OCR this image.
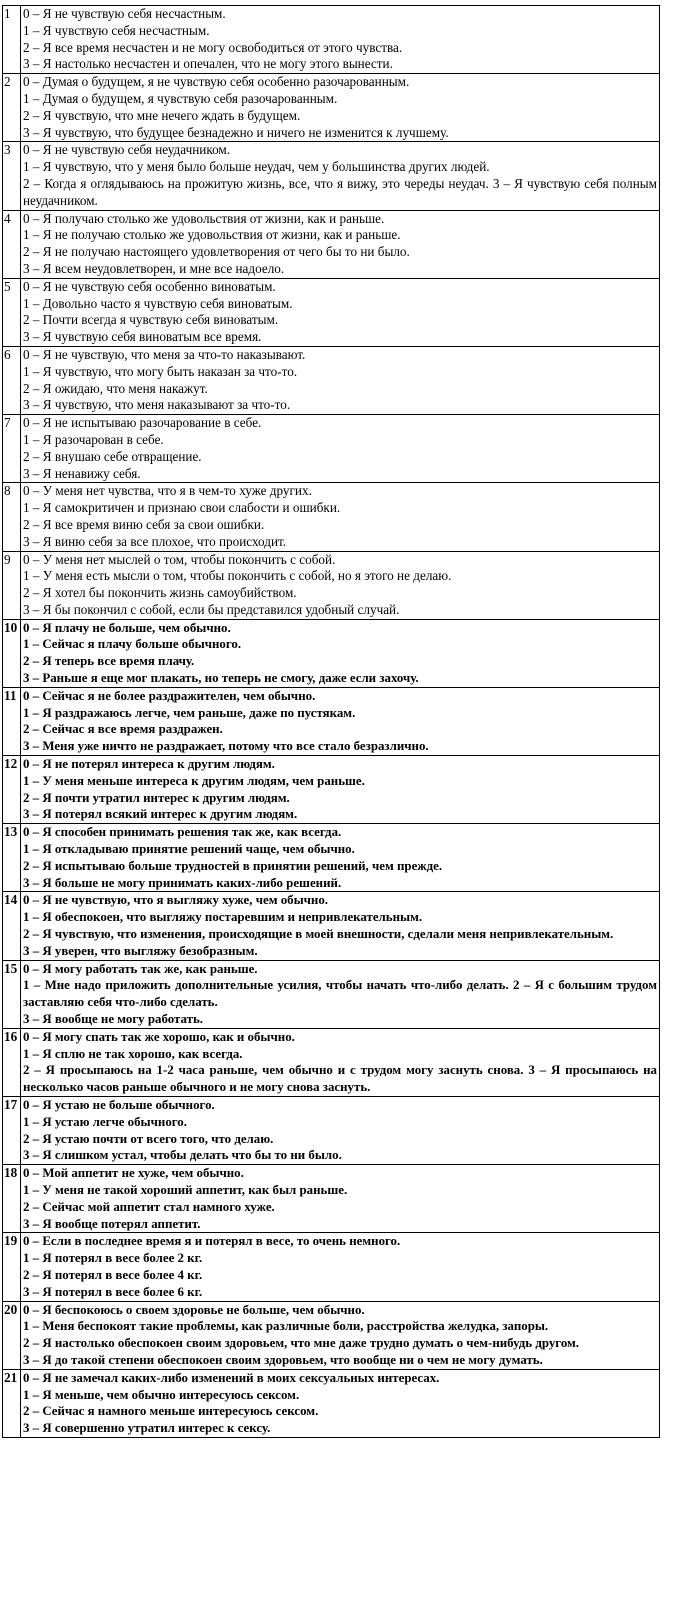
1	0 – Я не чувствую себя несчастным.
1 – Я чувствую себя несчастным.
2 – Я все время несчастен и не могу освободиться от этого чувства.
3 – Я настолько несчастен и опечален, что не могу этого вынести.

2	0 – Думая о будущем, я не чувствую себя особенно разочарованным.
1 – Думая о будущем, я чувствую себя разочарованным.
2 – Я чувствую, что мне нечего ждать в будущем.
3 – Я чувствую, что будущее безнадежно и ничего не изменится к лучшему.

3	0 – Я не чувствую себя неудачником.
1 – Я чувствую, что у меня было больше неудач, чем у большинства других людей.
2 – Когда я оглядываюсь на прожитую жизнь, все, что я вижу, это череды неудач. 3 – Я чувствую себя полным неудачником.

4	0 – Я получаю столько же удовольствия от жизни, как и раньше.
1 – Я не получаю столько же удовольствия от жизни, как и раньше.
2 – Я не получаю настоящего удовлетворения от чего бы то ни было.
3 – Я всем неудовлетворен, и мне все надоело.

5	0 – Я не чувствую себя особенно виноватым.
1 – Довольно часто я чувствую себя виноватым.
2 – Почти всегда я чувствую себя виноватым.
3 – Я чувствую себя виноватым все время.

6	0 – Я не чувствую, что меня за что-то наказывают.
1 – Я чувствую, что могу быть наказан за что-то.
2 – Я ожидаю, что меня накажут.
3 – Я чувствую, что меня наказывают за что-то.

7	0 – Я не испытываю разочарование в себе.
1 – Я разочарован в себе.
2 – Я внушаю себе отвращение.
3 – Я ненавижу себя.

8	0 – У меня нет чувства, что я в чем-то хуже других.
1 – Я самокритичен и признаю свои слабости и ошибки.
2 – Я все время виню себя за свои ошибки.
3 – Я виню себя за все плохое, что происходит.

9	0 – У меня нет мыслей о том, чтобы покончить с собой.
1 – У меня есть мысли о том, чтобы покончить с собой, но я этого не делаю.
2 – Я хотел бы покончить жизнь самоубийством.
3 – Я бы покончил с собой, если бы представился удобный случай.

10	0 – Я плачу не больше, чем обычно.
1 – Сейчас я плачу больше обычного.
2 – Я теперь все время плачу.
3 – Раньше я еще мог плакать, но теперь не смогу, даже если захочу.

11	0 – Сейчас я не более раздражителен, чем обычно.
1 – Я раздражаюсь легче, чем раньше, даже по пустякам.
2 – Сейчас я все время раздражен.
3 – Меня уже ничто не раздражает, потому что все стало безразлично.

12	0 – Я не потерял интереса к другим людям.
1 – У меня меньше интереса к другим людям, чем раньше.
2 – Я почти утратил интерес к другим людям.
3 – Я потерял всякий интерес к другим людям.

13	0 – Я способен принимать решения так же, как всегда.
1 – Я откладываю принятие решений чаще, чем обычно.
2 – Я испытываю больше трудностей в принятии решений, чем прежде.
3 – Я больше не могу принимать каких-либо решений.

14	0 – Я не чувствую, что я выгляжу хуже, чем обычно.
1 – Я обеспокоен, что выгляжу постаревшим и непривлекательным.
2 – Я чувствую, что изменения, происходящие в моей внешности, сделали меня непривлекательным.
3 – Я уверен, что выгляжу безобразным.

15	0 – Я могу работать так же, как раньше.
1 – Мне надо приложить дополнительные усилия, чтобы начать что-либо делать. 2 – Я с большим трудом заставляю себя что-либо сделать.
3 – Я вообще не могу работать.

16	0 – Я могу спать так же хорошо, как и обычно.
1 – Я сплю не так хорошо, как всегда.
2 – Я просыпаюсь на 1-2 часа раньше, чем обычно и с трудом могу заснуть снова. 3 – Я просыпаюсь на несколько часов раньше обычного и не могу снова заснуть.

17	0 – Я устаю не больше обычного.
1 – Я устаю легче обычного.
2 – Я устаю почти от всего того, что делаю.
3 – Я слишком устал, чтобы делать что бы то ни было.

18	0 – Мой аппетит не хуже, чем обычно.
1 – У меня не такой хороший аппетит, как был раньше.
2 – Сейчас мой аппетит стал намного хуже.
3 – Я вообще потерял аппетит.

19	0 – Если в последнее время я и потерял в весе, то очень немного.
1 – Я потерял в весе более 2 кг.
2 – Я потерял в весе более 4 кг.
3 – Я потерял в весе более 6 кг.

20	0 – Я беспокоюсь о своем здоровье не больше, чем обычно.
1 – Меня беспокоят такие проблемы, как различные боли, расстройства желудка, запоры.
2 – Я настолько обеспокоен своим здоровьем, что мне даже трудно думать о чем-нибудь другом.
3 – Я до такой степени обеспокоен своим здоровьем, что вообще ни о чем не могу думать.

21	0 – Я не замечал каких-либо изменений в моих сексуальных интересах.
1 – Я меньше, чем обычно интересуюсь сексом.
2 – Сейчас я намного меньше интересуюсь сексом.
3 – Я совершенно утратил интерес к сексу.
